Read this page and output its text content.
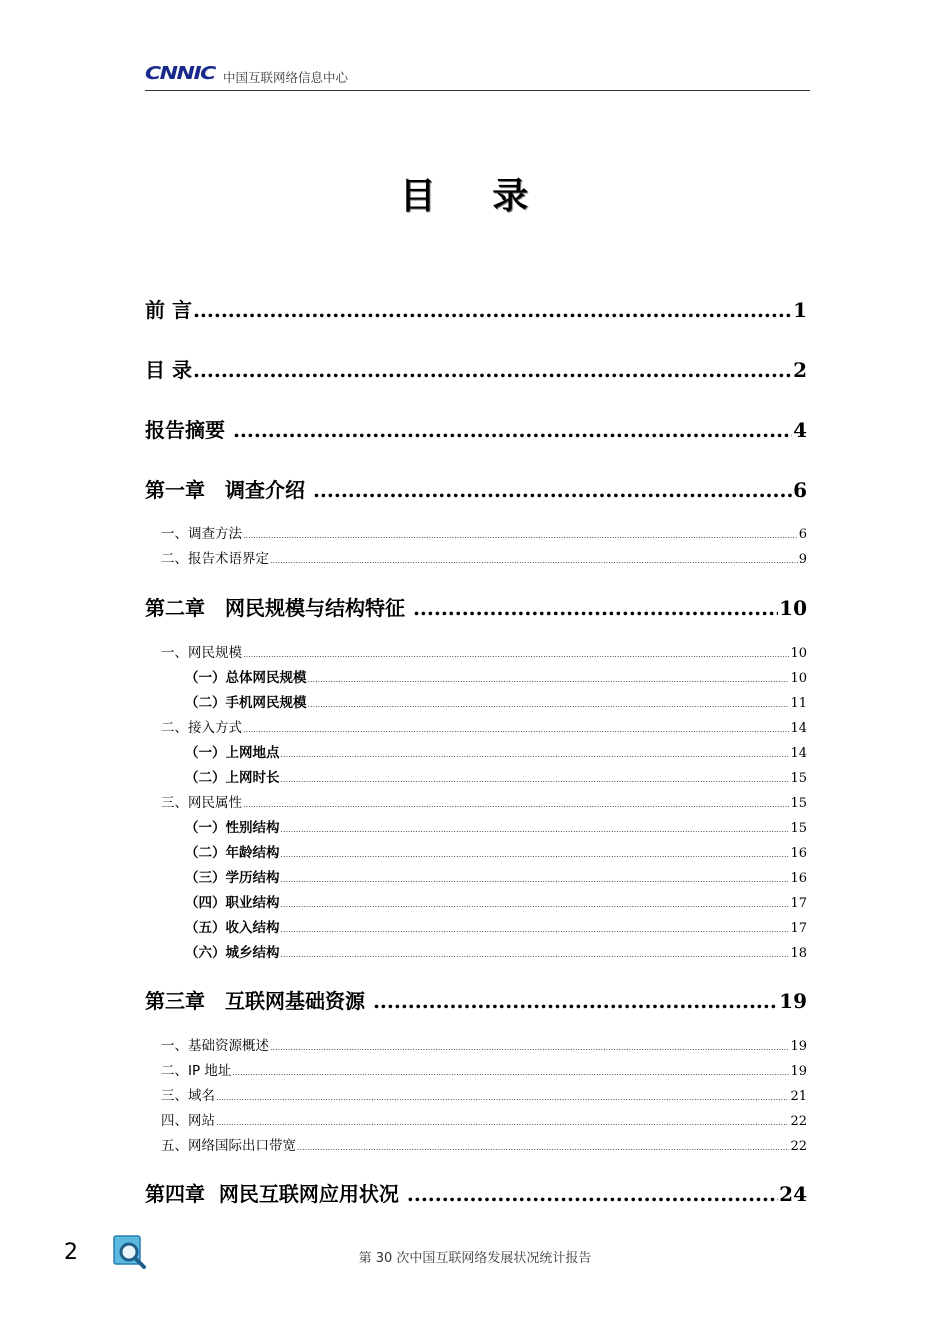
CNNIC 中国互联网络信息中心
目 录
前 言 .....	1
目 录 .....	2
报告摘要 .....	4
第一章　调查介绍 .....	6
一、调查方法 .....	6
二、报告术语界定 .....	9
第二章　网民规模与结构特征 .....	10
一、网民规模 .....	10
（一）总体网民规模 .....	10
（二）手机网民规模 .....	11
二、接入方式 .....	14
（一）上网地点 .....	14
（二）上网时长 .....	15
三、网民属性 .....	15
（一）性别结构 .....	15
（二）年龄结构 .....	16
（三）学历结构 .....	16
（四）职业结构 .....	17
（五）收入结构 .....	17
（六）城乡结构 .....	18
第三章　互联网基础资源 .....	19
一、基础资源概述 .....	19
二、IP 地址 .....	19
三、域名 .....	21
四、网站 .....	22
五、网络国际出口带宽 .....	22
第四章  网民互联网应用状况 .....	24
2	第 30 次中国互联网络发展状况统计报告
